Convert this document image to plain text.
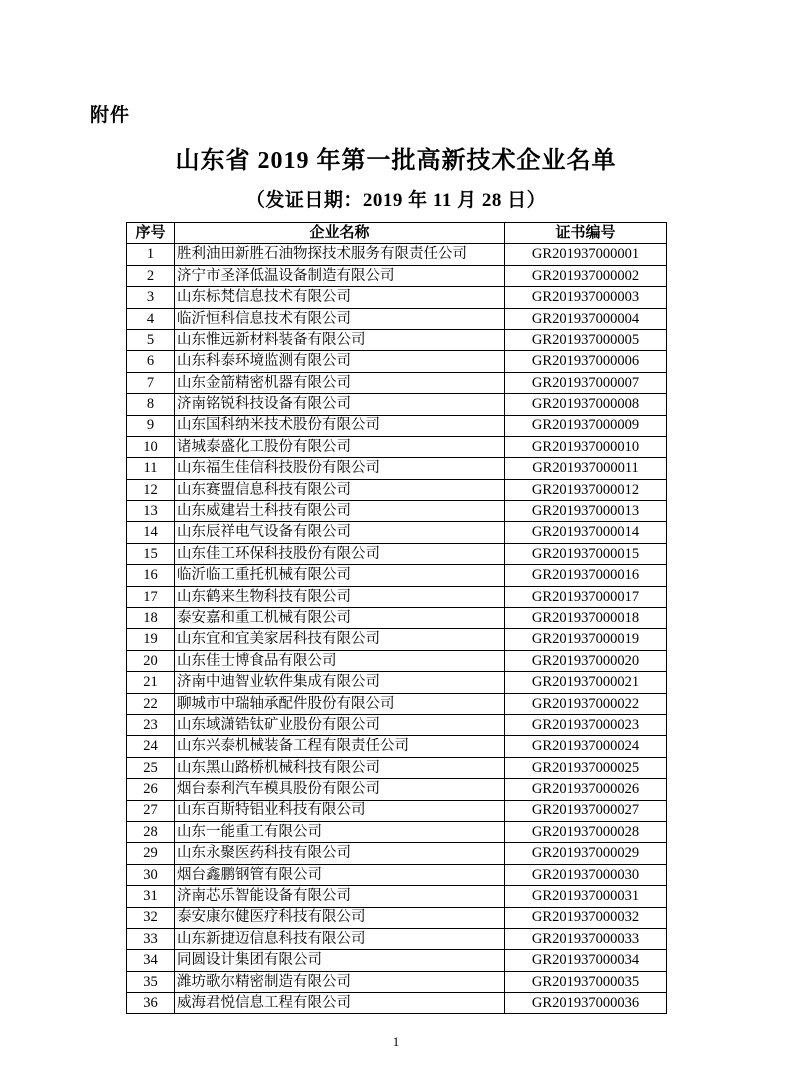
附件
山东省 2019 年第一批高新技术企业名单
（发证日期：2019 年 11 月 28 日）
序号	企业名称	证书编号
1	胜利油田新胜石油物探技术服务有限责任公司	GR201937000001
2	济宁市圣泽低温设备制造有限公司	GR201937000002
3	山东标梵信息技术有限公司	GR201937000003
4	临沂恒科信息技术有限公司	GR201937000004
5	山东惟远新材料装备有限公司	GR201937000005
6	山东科泰环境监测有限公司	GR201937000006
7	山东金箭精密机器有限公司	GR201937000007
8	济南铭锐科技设备有限公司	GR201937000008
9	山东国科纳米技术股份有限公司	GR201937000009
10	诸城泰盛化工股份有限公司	GR201937000010
11	山东福生佳信科技股份有限公司	GR201937000011
12	山东赛盟信息科技有限公司	GR201937000012
13	山东威建岩土科技有限公司	GR201937000013
14	山东辰祥电气设备有限公司	GR201937000014
15	山东佳工环保科技股份有限公司	GR201937000015
16	临沂临工重托机械有限公司	GR201937000016
17	山东鹤来生物科技有限公司	GR201937000017
18	泰安嘉和重工机械有限公司	GR201937000018
19	山东宜和宜美家居科技有限公司	GR201937000019
20	山东佳士博食品有限公司	GR201937000020
21	济南中迪智业软件集成有限公司	GR201937000021
22	聊城市中瑞轴承配件股份有限公司	GR201937000022
23	山东域潇锆钛矿业股份有限公司	GR201937000023
24	山东兴泰机械装备工程有限责任公司	GR201937000024
25	山东黑山路桥机械科技有限公司	GR201937000025
26	烟台泰利汽车模具股份有限公司	GR201937000026
27	山东百斯特铝业科技有限公司	GR201937000027
28	山东一能重工有限公司	GR201937000028
29	山东永聚医药科技有限公司	GR201937000029
30	烟台鑫鹏钢管有限公司	GR201937000030
31	济南芯乐智能设备有限公司	GR201937000031
32	泰安康尔健医疗科技有限公司	GR201937000032
33	山东新捷迈信息科技有限公司	GR201937000033
34	同圆设计集团有限公司	GR201937000034
35	潍坊歌尔精密制造有限公司	GR201937000035
36	威海君悦信息工程有限公司	GR201937000036
1
